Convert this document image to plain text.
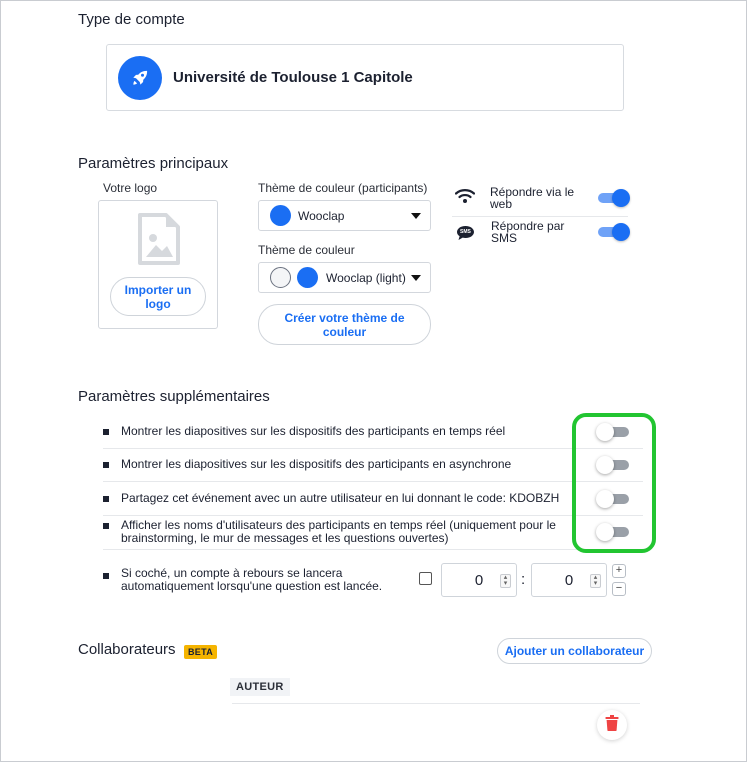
Type de compte
Université de Toulouse 1 Capitole
Paramètres principaux
Votre logo
Importer un logo
Thème de couleur (participants)
Wooclap
Thème de couleur
Wooclap (light)
Créer votre thème de couleur
Répondre via le web
SMS Répondre par SMS
Paramètres supplémentaires
Montrer les diapositives sur les dispositifs des participants en temps réel
Montrer les diapositives sur les dispositifs des participants en asynchrone
Partagez cet événement avec un autre utilisateur en lui donnant le code: KDOBZH
Afficher les noms d'utilisateurs des participants en temps réel (uniquement pour le brainstorming, le mur de messages et les questions ouvertes)
Si coché, un compte à rebours se lancera automatiquement lorsqu'une question est lancée.	0	▴
▾ :	0	▴
▾
+
−
Collaborateurs	BETA	Ajouter un collaborateur
AUTEUR
